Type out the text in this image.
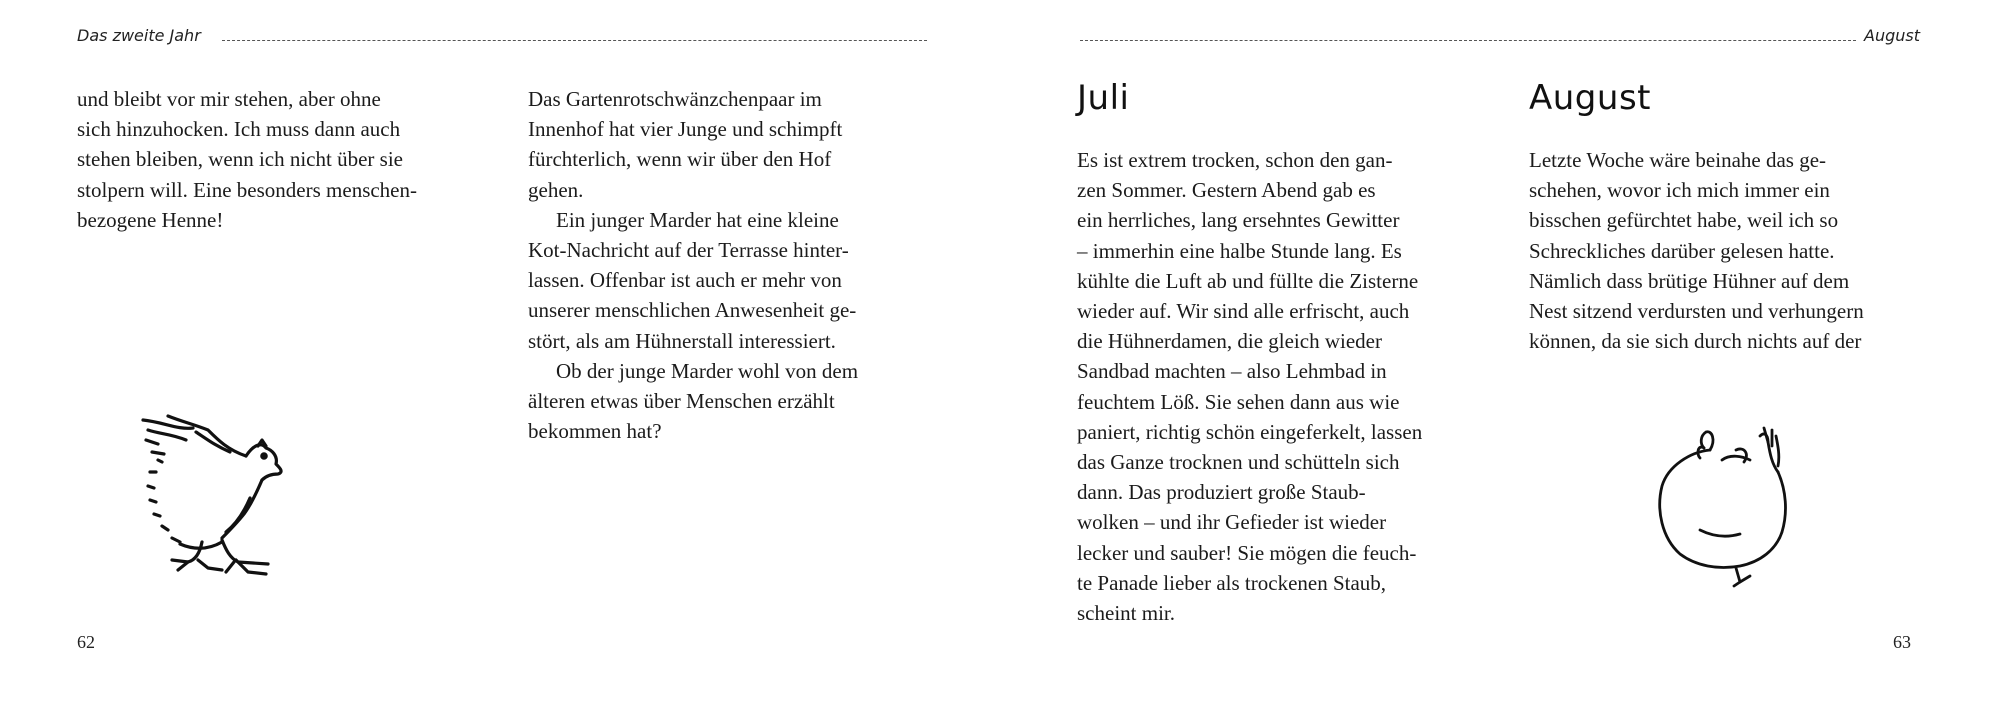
Das zweite Jahr

und bleibt vor mir stehen, aber ohne
sich hinzuhocken. Ich muss dann auch
stehen bleiben, wenn ich nicht über sie
stolpern will. Eine besonders menschen-
bezogene Henne!

Das Gartenrotschwänzchenpaar im
Innenhof hat vier Junge und schimpft
fürchterlich, wenn wir über den Hof
gehen.

Ein junger Marder hat eine kleine
Kot-Nachricht auf der Terrasse hinter-
lassen. Offenbar ist auch er mehr von
unserer menschlichen Anwesenheit ge-
stört, als am Hühnerstall interessiert.

Ob der junge Marder wohl von dem
älteren etwas über Menschen erzählt
bekommen hat?

62
August
Juli	August

Es ist extrem trocken, schon den gan-
zen Sommer. Gestern Abend gab es
ein herrliches, lang ersehntes Gewitter
– immerhin eine halbe Stunde lang. Es
kühlte die Luft ab und füllte die Zisterne
wieder auf. Wir sind alle erfrischt, auch
die Hühnerdamen, die gleich wieder
Sandbad machten – also Lehmbad in
feuchtem Löß. Sie sehen dann aus wie
paniert, richtig schön eingeferkelt, lassen
das Ganze trocknen und schütteln sich
dann. Das produziert große Staub-
wolken – und ihr Gefieder ist wieder
lecker und sauber! Sie mögen die feuch-
te Panade lieber als trockenen Staub,
scheint mir.

Letzte Woche wäre beinahe das ge-
schehen, wovor ich mich immer ein
bisschen gefürchtet habe, weil ich so
Schreckliches darüber gelesen hatte.
Nämlich dass brütige Hühner auf dem
Nest sitzend verdursten und verhungern
können, da sie sich durch nichts auf der

63
